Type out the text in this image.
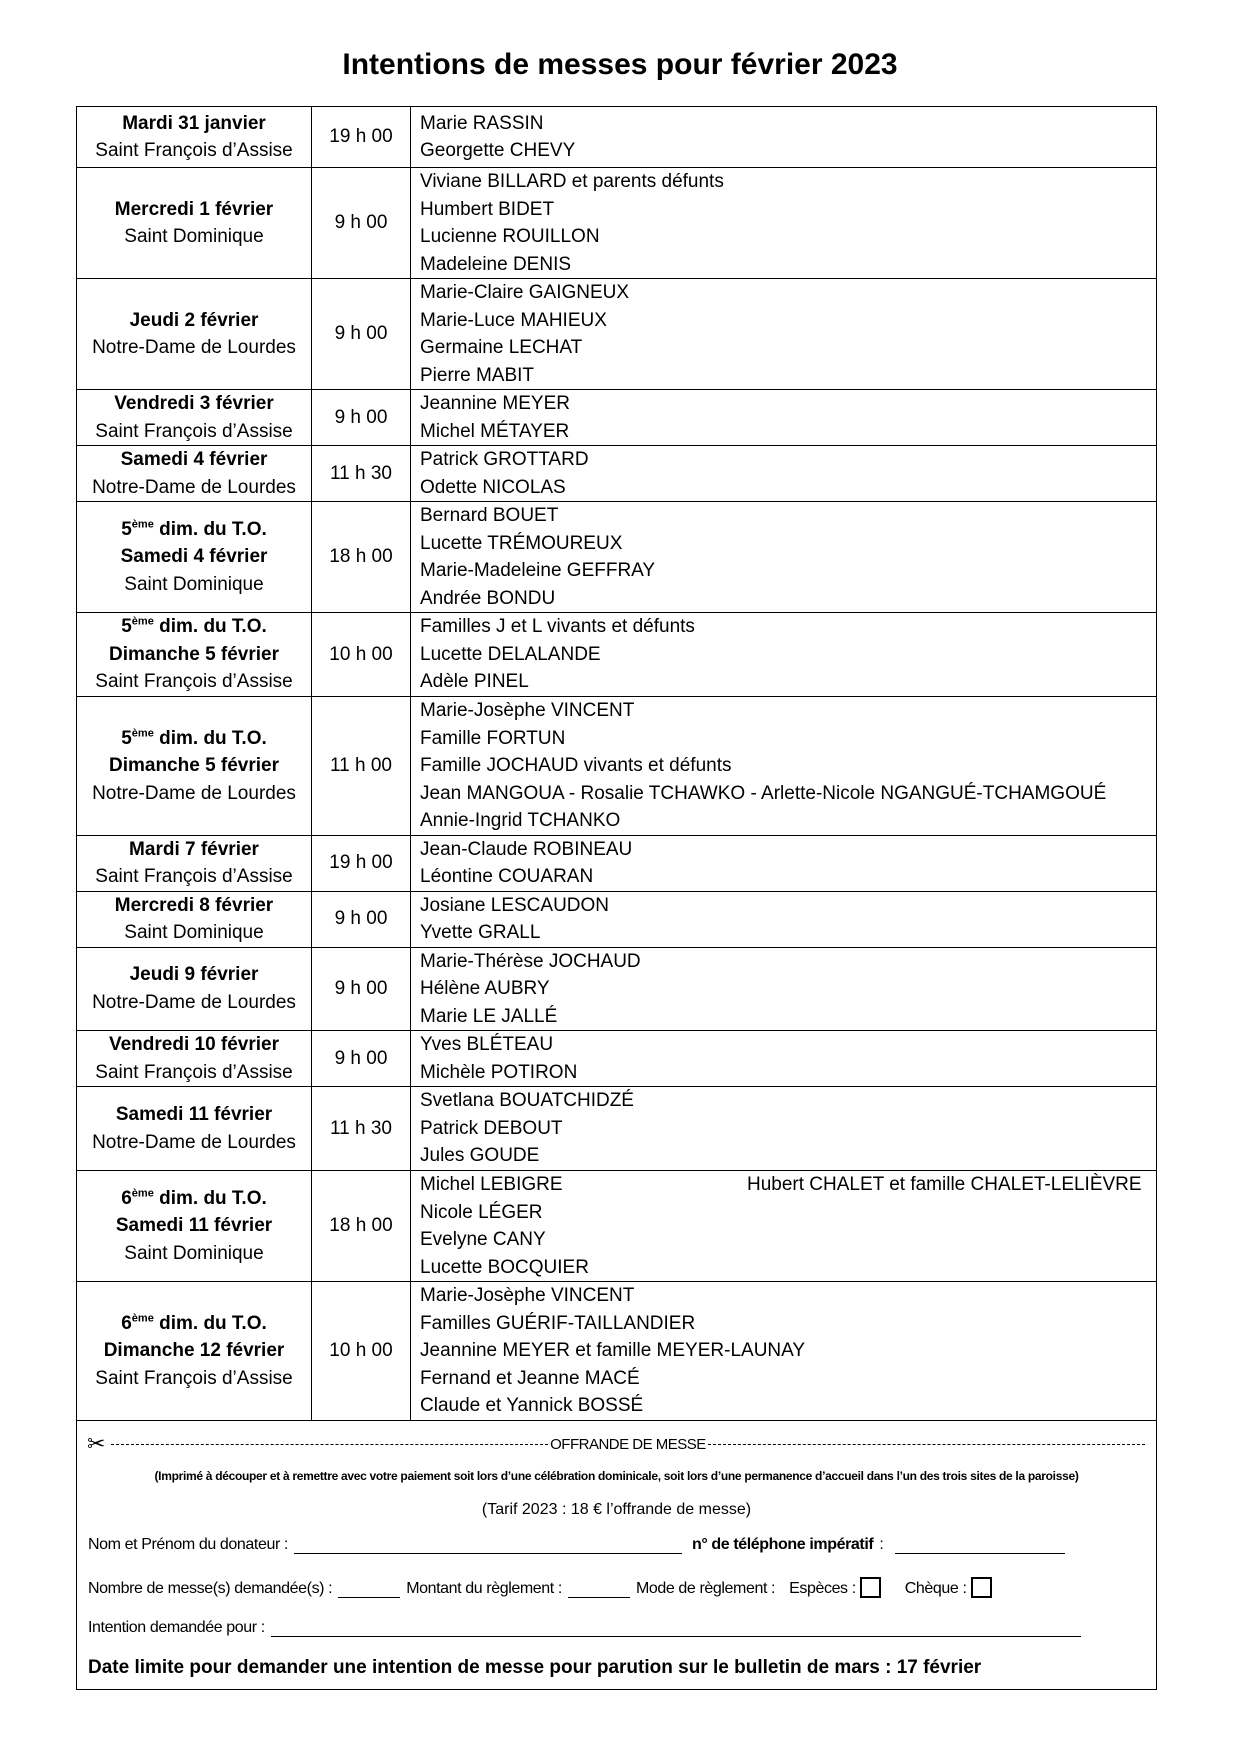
Intentions de messes pour février 2023
Mardi 31 janvier
Saint François d’Assise	19 h 00	Marie RASSIN
Georgette CHEVY

Mercredi 1 février
Saint Dominique	9 h 00	Viviane BILLARD et parents défunts
Humbert BIDET
Lucienne ROUILLON
Madeleine DENIS

Jeudi 2 février
Notre-Dame de Lourdes	9 h 00	Marie-Claire GAIGNEUX
Marie-Luce MAHIEUX
Germaine LECHAT
Pierre MABIT

Vendredi 3 février
Saint François d’Assise	9 h 00	Jeannine MEYER
Michel MÉTAYER

Samedi 4 février
Notre-Dame de Lourdes	11 h 30	Patrick GROTTARD
Odette NICOLAS

5ème dim. du T.O.
Samedi 4 février
Saint Dominique	18 h 00	Bernard BOUET
Lucette TRÉMOUREUX
Marie-Madeleine GEFFRAY
Andrée BONDU

5ème dim. du T.O.
Dimanche 5 février
Saint François d’Assise	10 h 00	Familles J et L vivants et défunts
Lucette DELALANDE
Adèle PINEL

5ème dim. du T.O.
Dimanche 5 février
Notre-Dame de Lourdes	11 h 00	Marie-Josèphe VINCENT
Famille FORTUN
Famille JOCHAUD vivants et défunts
Jean MANGOUA - Rosalie TCHAWKO - Arlette-Nicole NGANGUÉ-TCHAMGOUÉ
Annie-Ingrid TCHANKO

Mardi 7 février
Saint François d’Assise	19 h 00	Jean-Claude ROBINEAU
Léontine COUARAN

Mercredi 8 février
Saint Dominique	9 h 00	Josiane LESCAUDON
Yvette GRALL

Jeudi 9 février
Notre-Dame de Lourdes	9 h 00	Marie-Thérèse JOCHAUD
Hélène AUBRY
Marie LE JALLÉ

Vendredi 10 février
Saint François d’Assise	9 h 00	Yves BLÉTEAU
Michèle POTIRON

Samedi 11 février
Notre-Dame de Lourdes	11 h 30	Svetlana BOUATCHIDZÉ
Patrick DEBOUT
Jules GOUDE

6ème dim. du T.O.
Samedi 11 février
Saint Dominique	18 h 00	Michel LEBIGRE Hubert CHALET et famille CHALET-LELIÈVRE
Nicole LÉGER
Evelyne CANY
Lucette BOCQUIER

6ème dim. du T.O.
Dimanche 12 février
Saint François d’Assise	10 h 00	Marie-Josèphe VINCENT
Familles GUÉRIF-TAILLANDIER
Jeannine MEYER et famille MEYER-LAUNAY
Fernand et Jeanne MACÉ
Claude et Yannick BOSSÉ
✂	OFFRANDE DE MESSE
(Imprimé à découper et à remettre avec votre paiement soit lors d’une célébration dominicale, soit lors d’une permanence d’accueil dans l’un des trois sites de la paroisse)
(Tarif 2023 : 18 € l’offrande de messe)
Nom et Prénom du donateur :	n° de téléphone impératif :
Nombre de messe(s) demandée(s) :	Montant du règlement :	Mode de règlement : Espèces :	Chèque :
Intention demandée pour :
Date limite pour demander une intention de messe pour parution sur le bulletin de mars : 17 février
